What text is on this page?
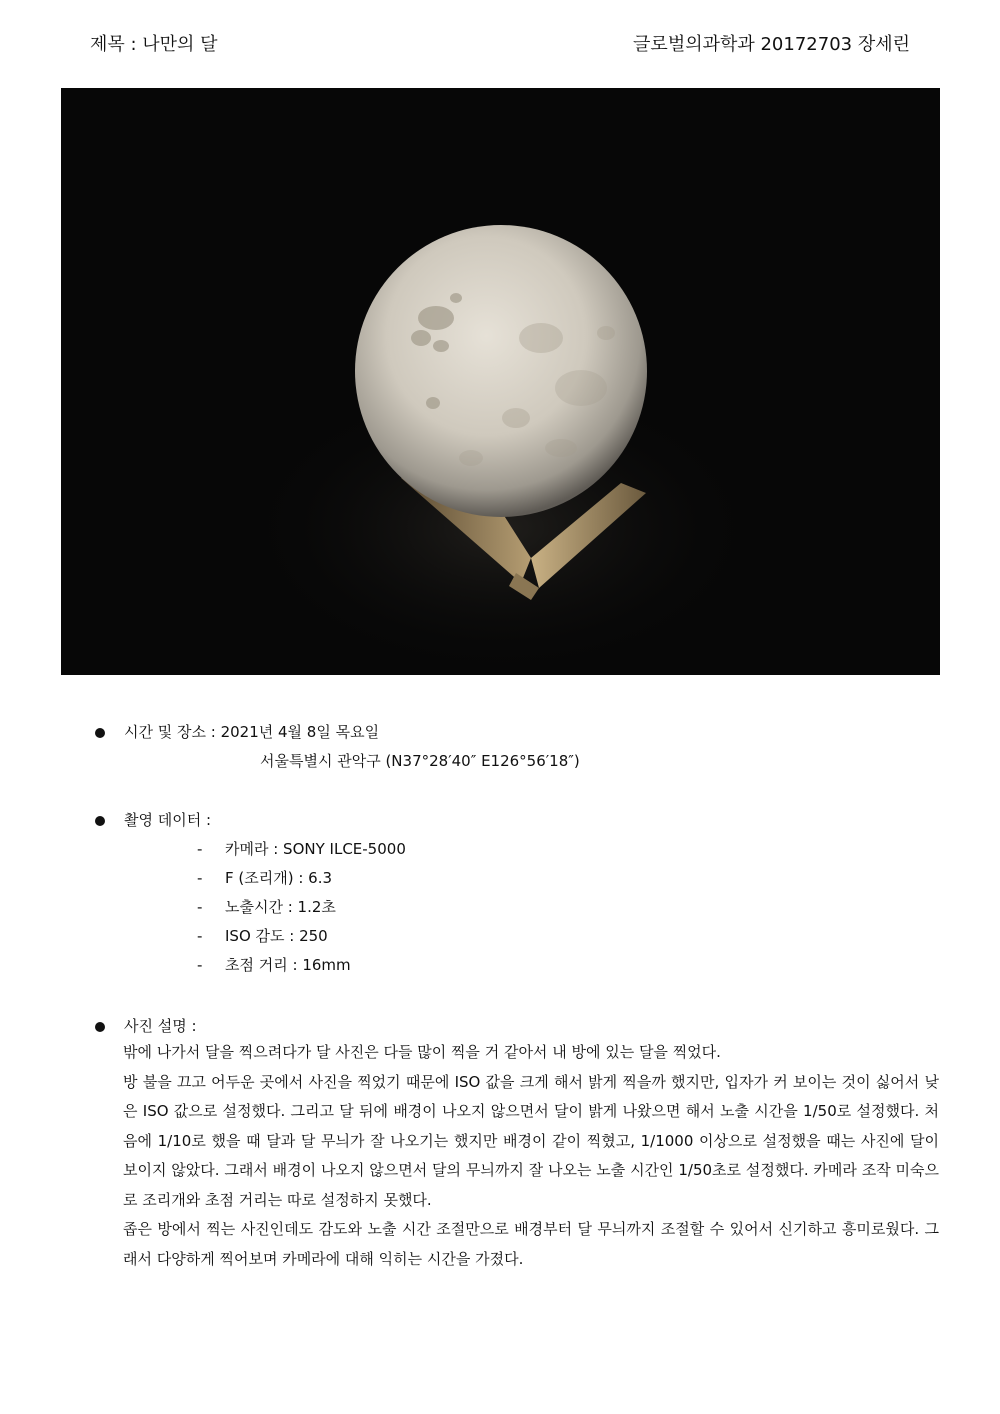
제목 : 나만의 달	글로벌의과학과 20172703 장세린
시간 및 장소 : 2021년 4월 8일 목요일
서울특별시 관악구 (N37°28′40″ E126°56′18″)
촬영 데이터 :
- 카메라 : SONY ILCE-5000
- F (조리개) : 6.3
- 노출시간 : 1.2초
- ISO 감도 : 250
- 초점 거리 : 16mm
사진 설명 :

밖에 나가서 달을 찍으려다가 달 사진은 다들 많이 찍을 거 같아서 내 방에 있는 달을 찍었다.

방 불을 끄고 어두운 곳에서 사진을 찍었기 때문에 ISO 값을 크게 해서 밝게 찍을까 했지만, 입자가 커 보이는 것이 싫어서 낮은 ISO 값으로 설정했다. 그리고 달 뒤에 배경이 나오지 않으면서 달이 밝게 나왔으면 해서 노출 시간을 1/50로 설정했다. 처음에 1/10로 했을 때 달과 달 무늬가 잘 나오기는 했지만 배경이 같이 찍혔고, 1/1000 이상으로 설정했을 때는 사진에 달이 보이지 않았다. 그래서 배경이 나오지 않으면서 달의 무늬까지 잘 나오는 노출 시간인 1/50초로 설정했다. 카메라 조작 미숙으로 조리개와 초점 거리는 따로 설정하지 못했다.

좁은 방에서 찍는 사진인데도 감도와 노출 시간 조절만으로 배경부터 달 무늬까지 조절할 수 있어서 신기하고 흥미로웠다. 그래서 다양하게 찍어보며 카메라에 대해 익히는 시간을 가졌다.
